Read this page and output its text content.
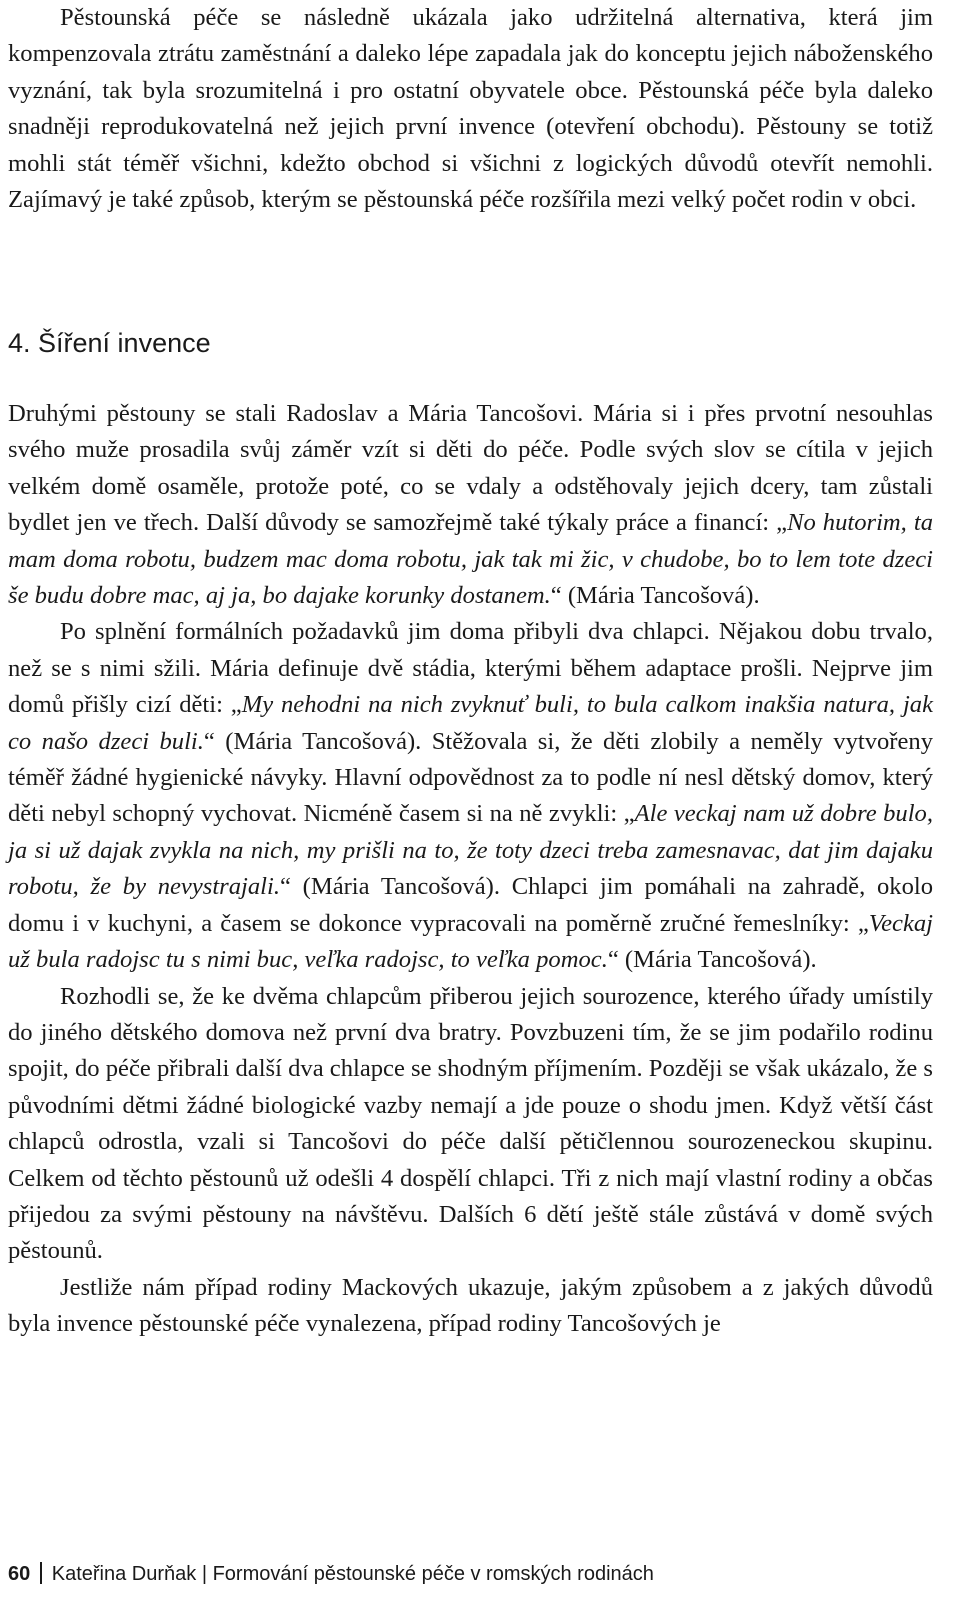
Pěstounská péče se následně ukázala jako udržitelná alternativa, která jim kompenzovala ztrátu zaměstnání a daleko lépe zapadala jak do konceptu jejich náboženského vyznání, tak byla srozumitelná i pro ostatní obyvatele obce. Pěstounská péče byla daleko snadněji reprodukovatelná než jejich první invence (otevření obchodu). Pěstouny se totiž mohli stát téměř všichni, kdežto obchod si všichni z logických důvodů otevřít nemohli. Zajímavý je také způsob, kterým se pěstounská péče rozšířila mezi velký počet rodin v obci.

4. Šíření invence

Druhými pěstouny se stali Radoslav a Mária Tancošovi. Mária si i přes prvotní nesouhlas svého muže prosadila svůj záměr vzít si děti do péče. Podle svých slov se cítila v jejich velkém domě osaměle, protože poté, co se vdaly a odstěhovaly jejich dcery, tam zůstali bydlet jen ve třech. Další důvody se samozřejmě také týkaly práce a financí: „No hutorim, ta mam doma robotu, budzem mac doma robotu, jak tak mi žic, v chudobe, bo to lem tote dzeci še budu dobre mac, aj ja, bo dajake korunky dostanem.“ (Mária Tancošová).

Po splnění formálních požadavků jim doma přibyli dva chlapci. Nějakou dobu trvalo, než se s nimi sžili. Mária definuje dvě stádia, kterými během adaptace prošli. Nejprve jim domů přišly cizí děti: „My nehodni na nich zvyknuť buli, to bula calkom inakšia natura, jak co našo dzeci buli.“ (Mária Tancošová). Stěžovala si, že děti zlobily a neměly vytvořeny téměř žádné hygienické návyky. Hlavní odpovědnost za to podle ní nesl dětský domov, který děti nebyl schopný vychovat. Nicméně časem si na ně zvykli: „Ale veckaj nam už dobre bulo, ja si už dajak zvykla na nich, my prišli na to, že toty dzeci treba zamesnavac, dat jim dajaku robotu, že by nevystrajali.“ (Mária Tancošová). Chlapci jim pomáhali na zahradě, okolo domu i v kuchyni, a časem se dokonce vypracovali na poměrně zručné řemeslníky: „Veckaj už bula radojsc tu s nimi buc, veľka radojsc, to veľka pomoc.“ (Mária Tancošová).

Rozhodli se, že ke dvěma chlapcům přiberou jejich sourozence, kterého úřady umístily do jiného dětského domova než první dva bratry. Povzbuzeni tím, že se jim podařilo rodinu spojit, do péče přibrali další dva chlapce se shodným příjmením. Později se však ukázalo, že s původními dětmi žádné biologické vazby nemají a jde pouze o shodu jmen. Když větší část chlapců odrostla, vzali si Tancošovi do péče další pětičlennou sourozeneckou skupinu. Celkem od těchto pěstounů už odešli 4 dospělí chlapci. Tři z nich mají vlastní rodiny a občas přijedou za svými pěstouny na návštěvu. Dalších 6 dětí ještě stále zůstává v domě svých pěstounů.

Jestliže nám případ rodiny Mackových ukazuje, jakým způsobem a z jakých důvodů byla invence pěstounské péče vynalezena, případ rodiny Tancošových je

60 Kateřina Durňak | Formování pěstounské péče v romských rodinách
